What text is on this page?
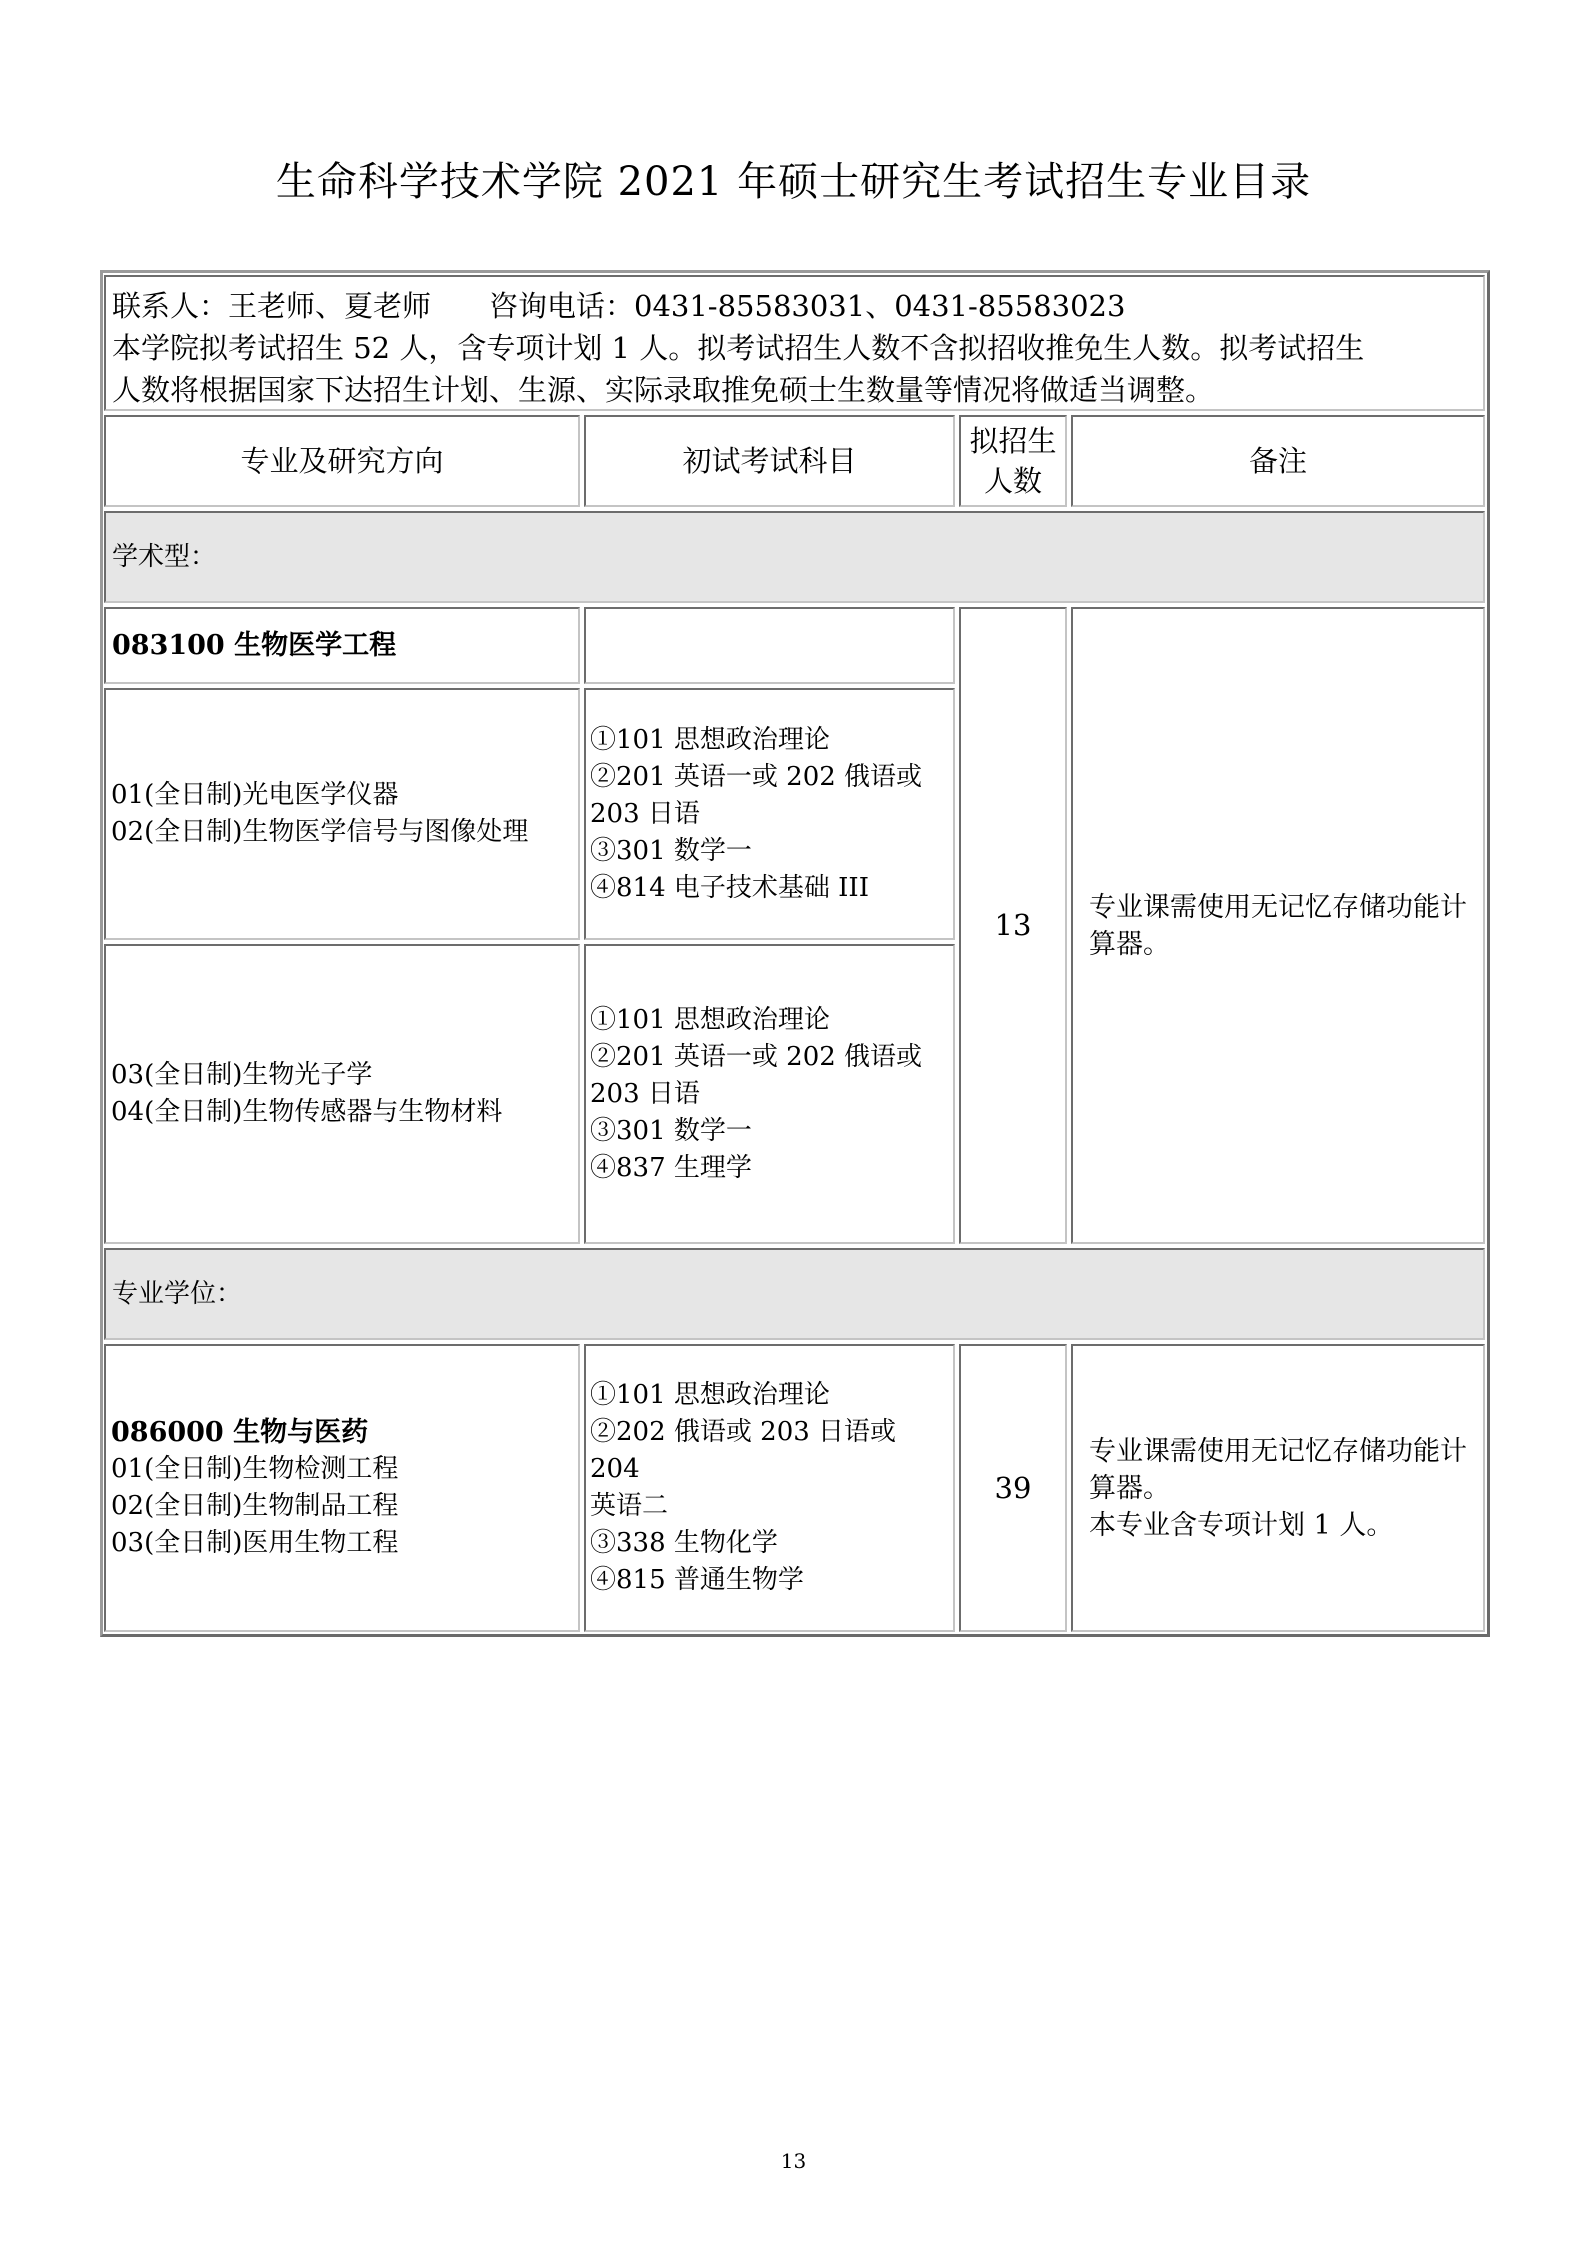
生命科学技术学院 2021 年硕士研究生考试招生专业目录
联系人：王老师、夏老师　　咨询电话：0431-85583031、0431-85583023
本学院拟考试招生 52 人，含专项计划 1 人。拟考试招生人数不含拟招收推免生人数。拟考试招生
人数将根据国家下达招生计划、生源、实际录取推免硕士生数量等情况将做适当调整。
专业及研究方向	初试考试科目
拟招生
人数
备注
学术型：
083100 生物医学工程
01(全日制)光电医学仪器
02(全日制)生物医学信号与图像处理
①101 思想政治理论
②201 英语一或 202 俄语或
203 日语
③301 数学一
④814 电子技术基础 III
03(全日制)生物光子学
04(全日制)生物传感器与生物材料
①101 思想政治理论
②201 英语一或 202 俄语或
203 日语
③301 数学一
④837 生理学
13
专业课需使用无记忆存储功能计
算器。
专业学位：
086000 生物与医药
01(全日制)生物检测工程
02(全日制)生物制品工程
03(全日制)医用生物工程
①101 思想政治理论
②202 俄语或 203 日语或 204
英语二
③338 生物化学
④815 普通生物学
39
专业课需使用无记忆存储功能计
算器。
本专业含专项计划 1 人。
13
